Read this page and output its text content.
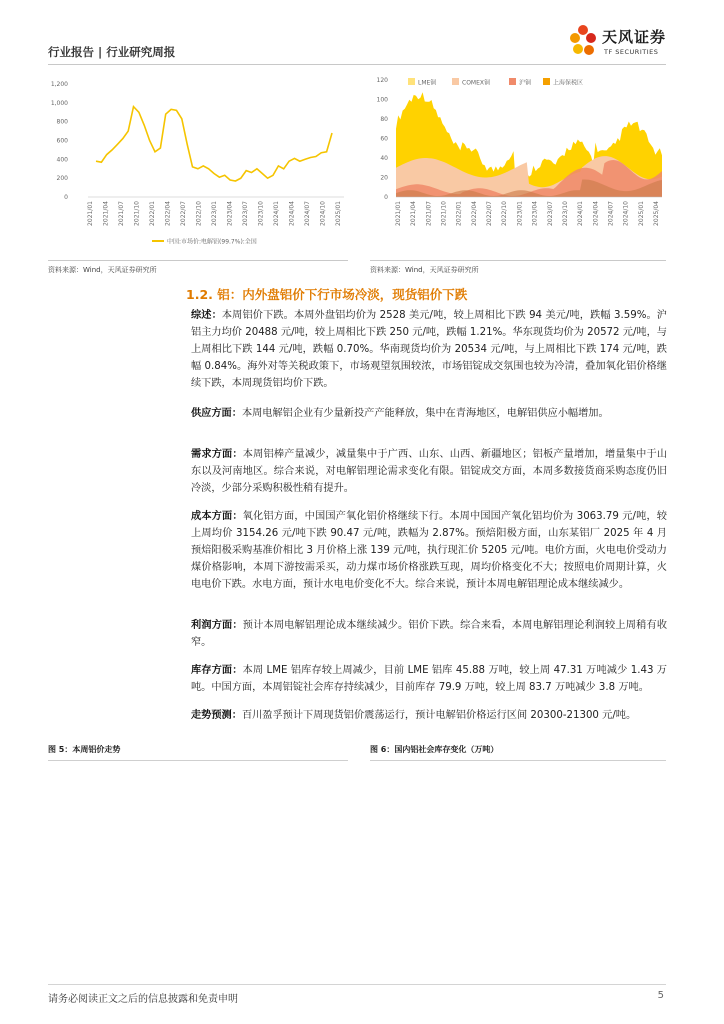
行业报告 | 行业研究周报
天风证券
TF SECURITIES
1,200
1,000
800
600
400
200
0
2021/01 2021/04 2021/07 2021/10 2022/01 2022/04 2022/07 2022/10 2023/01 2023/04 2023/07 2023/10 2024/01 2024/04 2024/07 2024/10 2025/01
中国:市场价:电解铝(99.7%):全国
120
100
80
60
40
20
0
2021/01 2021/04 2021/07 2021/10 2022/01 2022/04 2022/07 2022/10 2023/01 2023/04 2023/07 2023/10 2024/01 2024/04 2024/07 2024/10 2025/01 2025/04
LME铜	COMEX铜	沪铜	上海保税区
资料来源：Wind，天风证券研究所	资料来源：Wind，天风证券研究所
1.2. 铝：内外盘铝价下行市场冷淡，现货铝价下跌

综述：本周铝价下跌。本周外盘铝均价为 2528 美元/吨，较上周相比下跌 94 美元/吨，跌幅 3.59%。沪铝主力均价 20488 元/吨，较上周相比下跌 250 元/吨，跌幅 1.21%。华东现货均价为 20572 元/吨，与上周相比下跌 144 元/吨，跌幅 0.70%。华南现货均价为 20534 元/吨，与上周相比下跌 174 元/吨，跌幅 0.84%。海外对等关税政策下，市场观望氛围较浓，市场铝锭成交氛围也较为冷清，叠加氧化铝价格继续下跌，本周现货铝均价下跌。

供应方面：本周电解铝企业有少量新投产产能释放，集中在青海地区，电解铝供应小幅增加。

需求方面：本周铝棒产量减少，减量集中于广西、山东、山西、新疆地区；铝板产量增加，增量集中于山东以及河南地区。综合来说，对电解铝理论需求变化有限。铝锭成交方面，本周多数接货商采购态度仍旧冷淡，少部分采购积极性稍有提升。

成本方面：氧化铝方面，中国国产氧化铝价格继续下行。本周中国国产氧化铝均价为 3063.79 元/吨，较上周均价 3154.26 元/吨下跌 90.47 元/吨，跌幅为 2.87%。预焙阳极方面，山东某铝厂 2025 年 4 月预焙阳极采购基准价相比 3 月价格上涨 139 元/吨，执行现汇价 5205 元/吨。电价方面，火电电价受动力煤价格影响，本周下游按需采买，动力煤市场价格涨跌互现，周均价格变化不大；按照电价周期计算，火电电价下跌。水电方面，预计水电电价变化不大。综合来说，预计本周电解铝理论成本继续减少。

利润方面：预计本周电解铝理论成本继续减少。铝价下跌。综合来看，本周电解铝理论利润较上周稍有收窄。

库存方面：本周 LME 铝库存较上周减少，目前 LME 铝库 45.88 万吨，较上周 47.31 万吨减少 1.43 万吨。中国方面，本周铝锭社会库存持续减少，目前库存 79.9 万吨，较上周 83.7 万吨减少 3.8 万吨。

走势预测：百川盈孚预计下周现货铝价震荡运行，预计电解铝价格运行区间 20300-21300 元/吨。

图 5：本周铝价走势	图 6：国内铝社会库存变化（万吨）
请务必阅读正文之后的信息披露和免责申明	5
